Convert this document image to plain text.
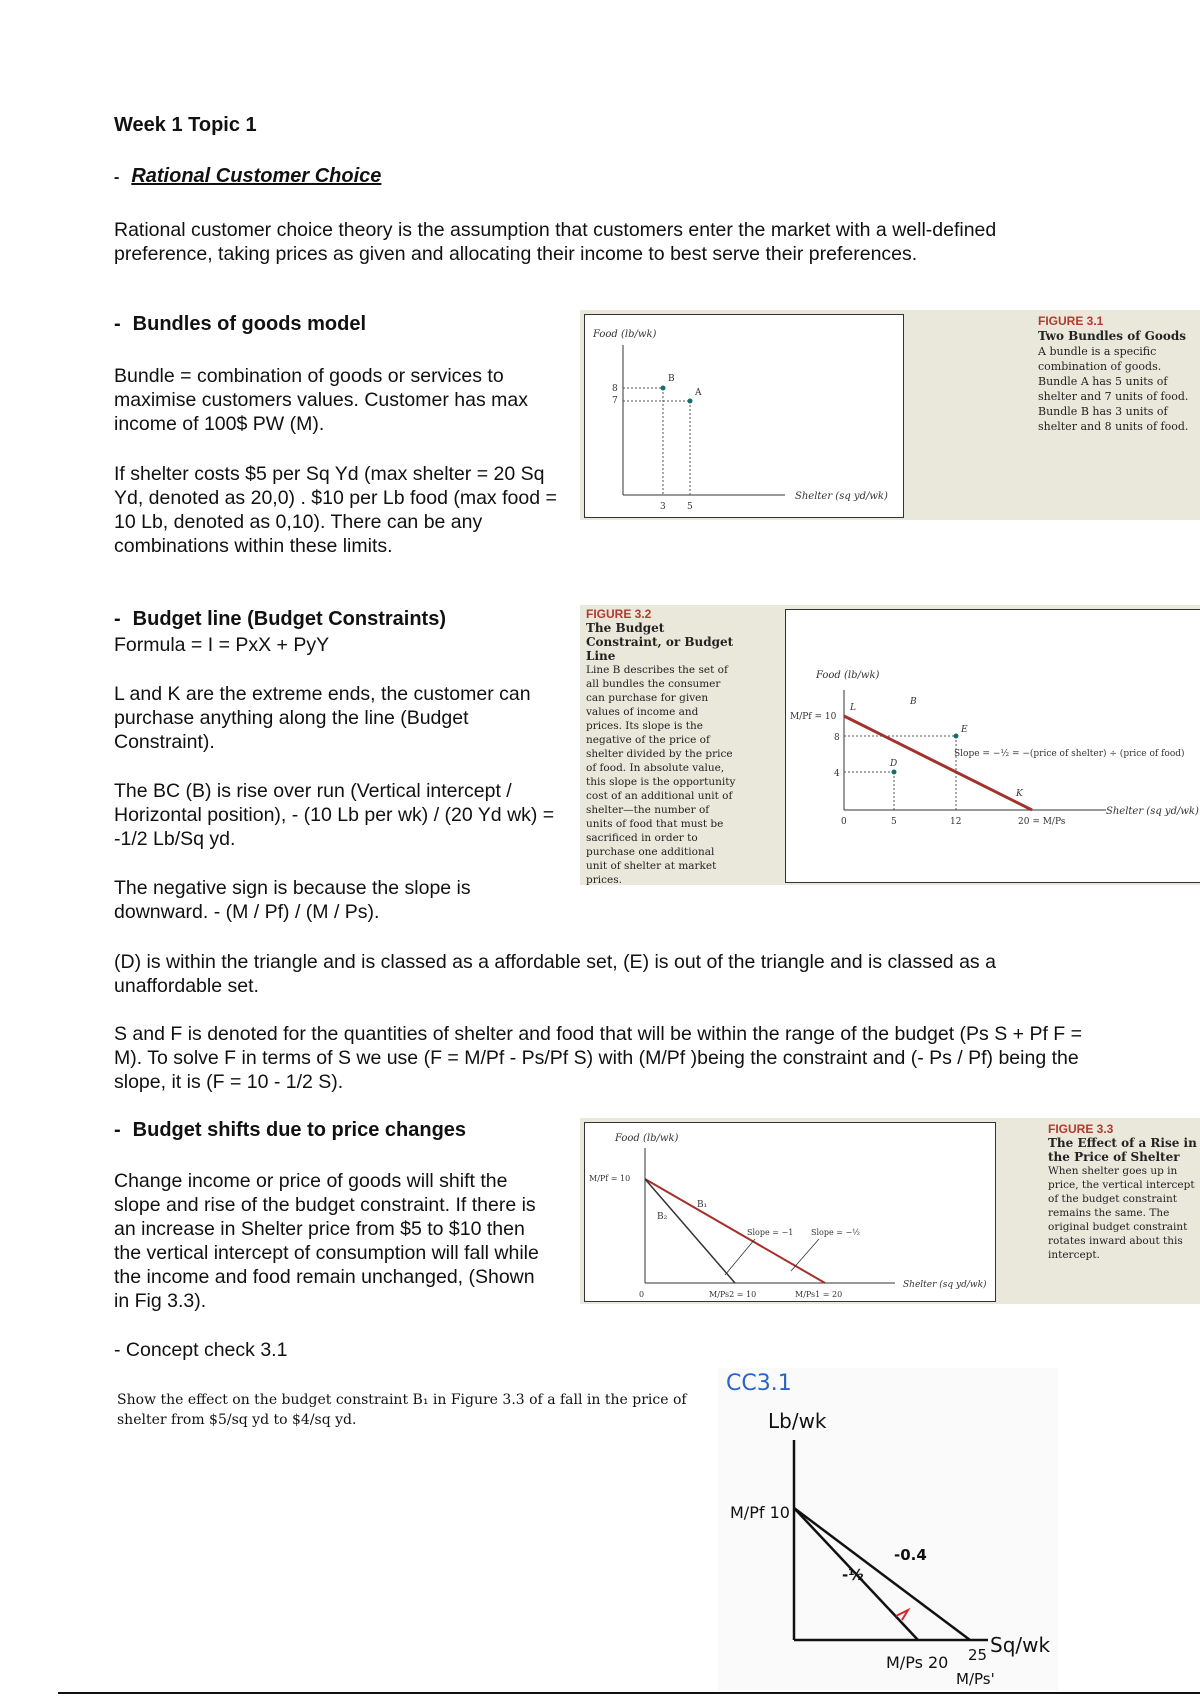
Week 1 Topic 1
- Rational Customer Choice
Rational customer choice theory is the assumption that customers enter the market with a well-defined preference, taking prices as given and allocating their income to best serve their preferences.
- Bundles of goods model
Bundle = combination of goods or services to maximise customers values. Customer has max income of 100$ PW (M).
If shelter costs $5 per Sq Yd (max shelter = 20 Sq Yd, denoted as 20,0) . $10 per Lb food (max food = 10 Lb, denoted as 0,10). There can be any combinations within these limits.
Food (lb/wk)
Shelter (sq yd/wk)
B
A
8
7
3 5
FIGURE 3.1
Two Bundles of Goods
A bundle is a specific combination of goods. Bundle A has 5 units of shelter and 7 units of food. Bundle B has 3 units of shelter and 8 units of food.
- Budget line (Budget Constraints)
Formula = I = PxX + PyY
L and K are the extreme ends, the customer can purchase anything along the line (Budget Constraint).
The BC (B) is rise over run (Vertical intercept / Horizontal position), - (10 Lb per wk) / (20 Yd wk) = -1/2 Lb/Sq yd.
The negative sign is because the slope is downward. - (M / Pf) / (M / Ps).
FIGURE 3.2
The Budget Constraint, or Budget Line
Line B describes the set of all bundles the consumer can purchase for given values of income and prices. Its slope is the negative of the price of shelter divided by the price of food. In absolute value, this slope is the opportunity cost of an additional unit of shelter—the number of units of food that must be sacrificed in order to purchase one additional unit of shelter at market prices.
Food (lb/wk)
Shelter (sq yd/wk)
M/Pf = 10
L
B
E
D
K
Slope = −½ = −(price of shelter) ÷ (price of food)
8
4
0	5	12	20 = M/Ps
(D) is within the triangle and is classed as a affordable set, (E) is out of the triangle and is classed as a unaffordable set.
S and F is denoted for the quantities of shelter and food that will be within the range of the budget (Ps S + Pf F = M). To solve F in terms of S we use (F = M/Pf - Ps/Pf S) with (M/Pf )being the constraint and (- Ps / Pf) being the slope, it is (F = 10 - 1/2 S).
- Budget shifts due to price changes
Change income or price of goods will shift the slope and rise of the budget constraint. If there is an increase in Shelter price from $5 to $10 then the vertical intercept of consumption will fall while the income and food remain unchanged, (Shown in Fig 3.3).
Food (lb/wk)
Shelter (sq yd/wk)
M/Pf = 10
B₁
B₂
Slope = −1 Slope = −½
0	M/Ps2 = 10	M/Ps1 = 20
FIGURE 3.3
The Effect of a Rise in the Price of Shelter
When shelter goes up in price, the vertical intercept of the budget constraint remains the same. The original budget constraint rotates inward about this intercept.
- Concept check 3.1
Show the effect on the budget constraint B₁ in Figure 3.3 of a fall in the price of shelter from $5/sq yd to $4/sq yd.
CC3.1
Lb/wk
M/Pf 10
-0.4
-½
M/Ps 20 25
M/Ps'
Sq/wk
